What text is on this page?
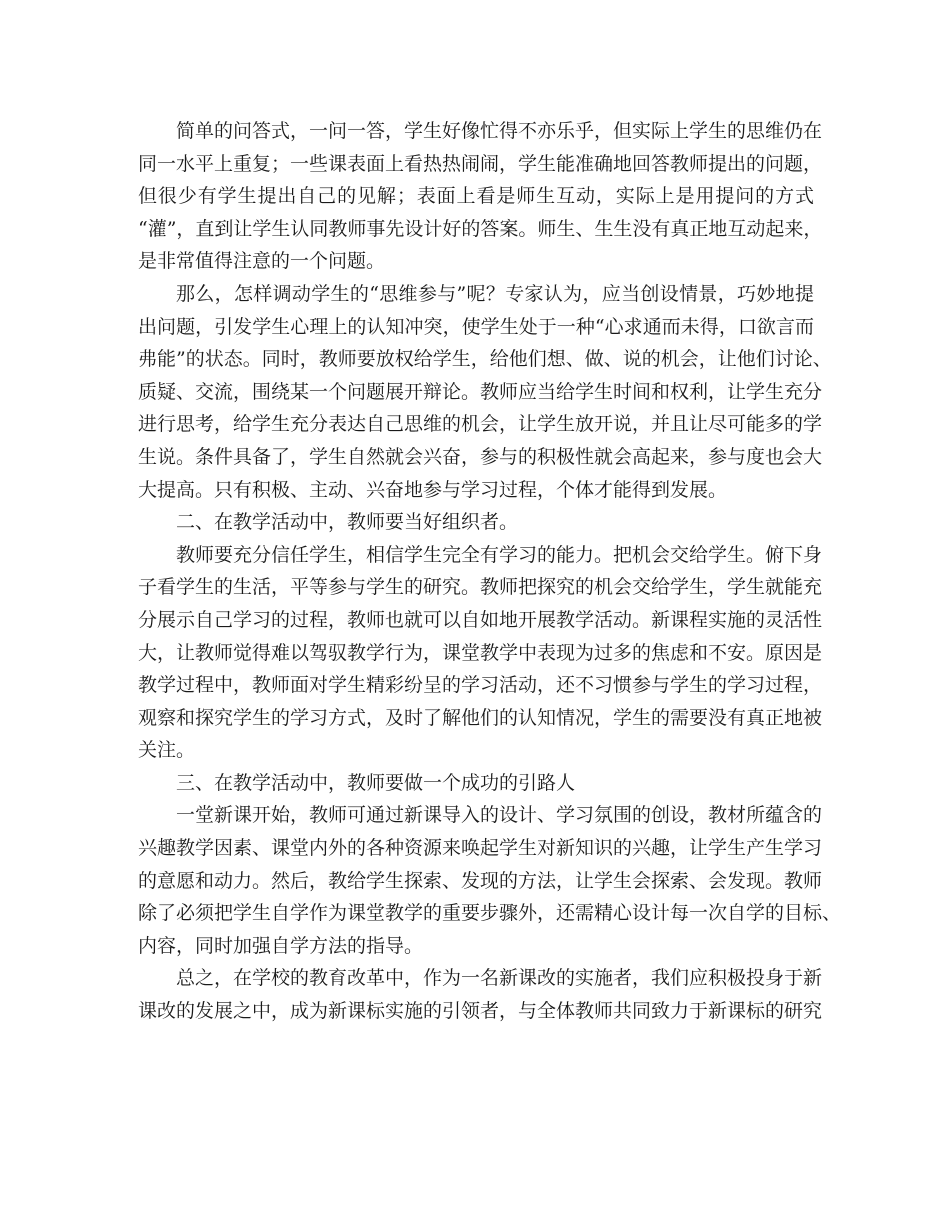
简单的问答式，一问一答，学生好像忙得不亦乐乎，但实际上学生的思维仍在
同一水平上重复；一些课表面上看热热闹闹，学生能准确地回答教师提出的问题，
但很少有学生提出自己的见解；表面上看是师生互动，实际上是用提问的方式
“灌”，直到让学生认同教师事先设计好的答案。师生、生生没有真正地互动起来，
是非常值得注意的一个问题。
那么，怎样调动学生的“思维参与”呢？专家认为，应当创设情景，巧妙地提
出问题，引发学生心理上的认知冲突，使学生处于一种“心求通而未得，口欲言而
弗能”的状态。同时，教师要放权给学生，给他们想、做、说的机会，让他们讨论、
质疑、交流，围绕某一个问题展开辩论。教师应当给学生时间和权利，让学生充分
进行思考，给学生充分表达自己思维的机会，让学生放开说，并且让尽可能多的学
生说。条件具备了，学生自然就会兴奋，参与的积极性就会高起来，参与度也会大
大提高。只有积极、主动、兴奋地参与学习过程，个体才能得到发展。
二、在教学活动中，教师要当好组织者。
教师要充分信任学生，相信学生完全有学习的能力。把机会交给学生。俯下身
子看学生的生活，平等参与学生的研究。教师把探究的机会交给学生，学生就能充
分展示自己学习的过程，教师也就可以自如地开展教学活动。新课程实施的灵活性
大，让教师觉得难以驾驭教学行为，课堂教学中表现为过多的焦虑和不安。原因是
教学过程中，教师面对学生精彩纷呈的学习活动，还不习惯参与学生的学习过程，
观察和探究学生的学习方式，及时了解他们的认知情况，学生的需要没有真正地被
关注。
三、在教学活动中，教师要做一个成功的引路人
一堂新课开始，教师可通过新课导入的设计、学习氛围的创设，教材所蕴含的
兴趣教学因素、课堂内外的各种资源来唤起学生对新知识的兴趣，让学生产生学习
的意愿和动力。然后，教给学生探索、发现的方法，让学生会探索、会发现。教师
除了必须把学生自学作为课堂教学的重要步骤外，还需精心设计每一次自学的目标、
内容，同时加强自学方法的指导。
总之，在学校的教育改革中，作为一名新课改的实施者，我们应积极投身于新
课改的发展之中，成为新课标实施的引领者，与全体教师共同致力于新课标的研究
